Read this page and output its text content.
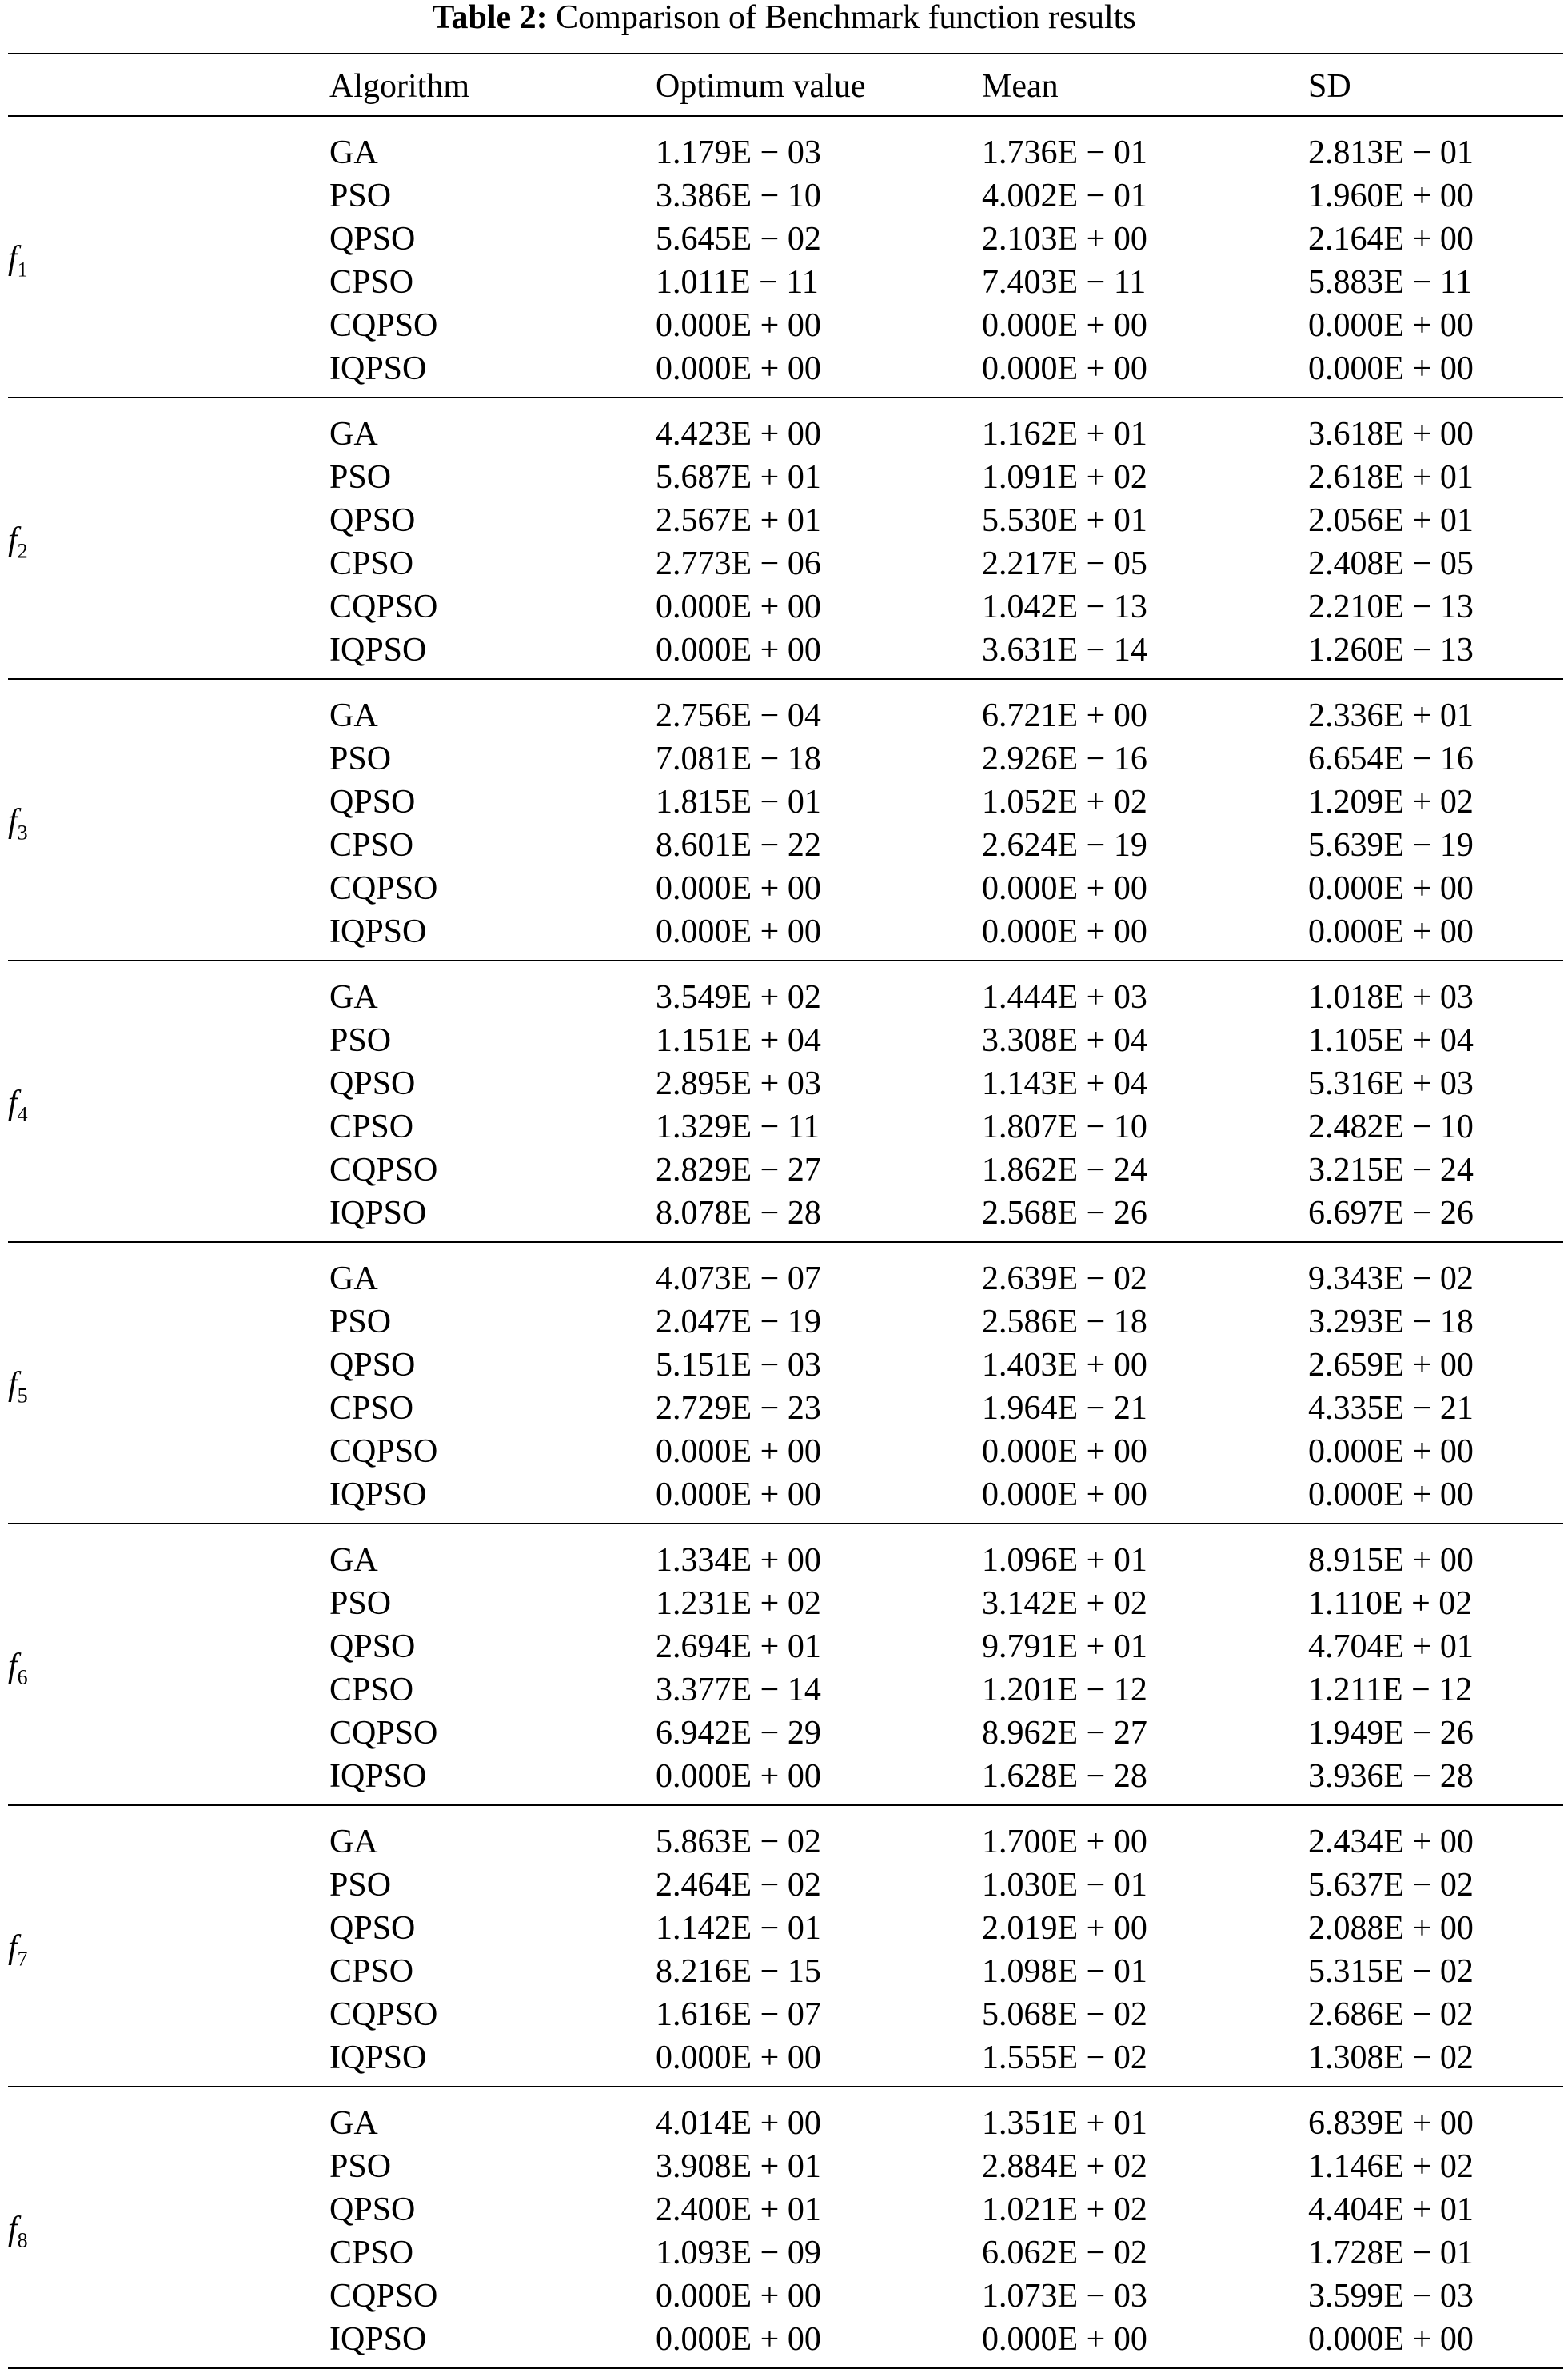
Table 2: Comparison of Benchmark function results
	Algorithm	Optimum value	Mean	SD
$f_1$	GA	1.179E − 03	1.736E − 01	2.813E − 01
	PSO	3.386E − 10	4.002E − 01	1.960E + 00
	QPSO	5.645E − 02	2.103E + 00	2.164E + 00
	CPSO	1.011E − 11	7.403E − 11	5.883E − 11
	CQPSO	0.000E + 00	0.000E + 00	0.000E + 00
	IQPSO	0.000E + 00	0.000E + 00	0.000E + 00
$f_2$	GA	4.423E + 00	1.162E + 01	3.618E + 00
	PSO	5.687E + 01	1.091E + 02	2.618E + 01
	QPSO	2.567E + 01	5.530E + 01	2.056E + 01
	CPSO	2.773E − 06	2.217E − 05	2.408E − 05
	CQPSO	0.000E + 00	1.042E − 13	2.210E − 13
	IQPSO	0.000E + 00	3.631E − 14	1.260E − 13
$f_3$	GA	2.756E − 04	6.721E + 00	2.336E + 01
	PSO	7.081E − 18	2.926E − 16	6.654E − 16
	QPSO	1.815E − 01	1.052E + 02	1.209E + 02
	CPSO	8.601E − 22	2.624E − 19	5.639E − 19
	CQPSO	0.000E + 00	0.000E + 00	0.000E + 00
	IQPSO	0.000E + 00	0.000E + 00	0.000E + 00
$f_4$	GA	3.549E + 02	1.444E + 03	1.018E + 03
	PSO	1.151E + 04	3.308E + 04	1.105E + 04
	QPSO	2.895E + 03	1.143E + 04	5.316E + 03
	CPSO	1.329E − 11	1.807E − 10	2.482E − 10
	CQPSO	2.829E − 27	1.862E − 24	3.215E − 24
	IQPSO	8.078E − 28	2.568E − 26	6.697E − 26
$f_5$	GA	4.073E − 07	2.639E − 02	9.343E − 02
	PSO	2.047E − 19	2.586E − 18	3.293E − 18
	QPSO	5.151E − 03	1.403E + 00	2.659E + 00
	CPSO	2.729E − 23	1.964E − 21	4.335E − 21
	CQPSO	0.000E + 00	0.000E + 00	0.000E + 00
	IQPSO	0.000E + 00	0.000E + 00	0.000E + 00
$f_6$	GA	1.334E + 00	1.096E + 01	8.915E + 00
	PSO	1.231E + 02	3.142E + 02	1.110E + 02
	QPSO	2.694E + 01	9.791E + 01	4.704E + 01
	CPSO	3.377E − 14	1.201E − 12	1.211E − 12
	CQPSO	6.942E − 29	8.962E − 27	1.949E − 26
	IQPSO	0.000E + 00	1.628E − 28	3.936E − 28
$f_7$	GA	5.863E − 02	1.700E + 00	2.434E + 00
	PSO	2.464E − 02	1.030E − 01	5.637E − 02
	QPSO	1.142E − 01	2.019E + 00	2.088E + 00
	CPSO	8.216E − 15	1.098E − 01	5.315E − 02
	CQPSO	1.616E − 07	5.068E − 02	2.686E − 02
	IQPSO	0.000E + 00	1.555E − 02	1.308E − 02
$f_8$	GA	4.014E + 00	1.351E + 01	6.839E + 00
	PSO	3.908E + 01	2.884E + 02	1.146E + 02
	QPSO	2.400E + 01	1.021E + 02	4.404E + 01
	CPSO	1.093E − 09	6.062E − 02	1.728E − 01
	CQPSO	0.000E + 00	1.073E − 03	3.599E − 03
	IQPSO	0.000E + 00	0.000E + 00	0.000E + 00
